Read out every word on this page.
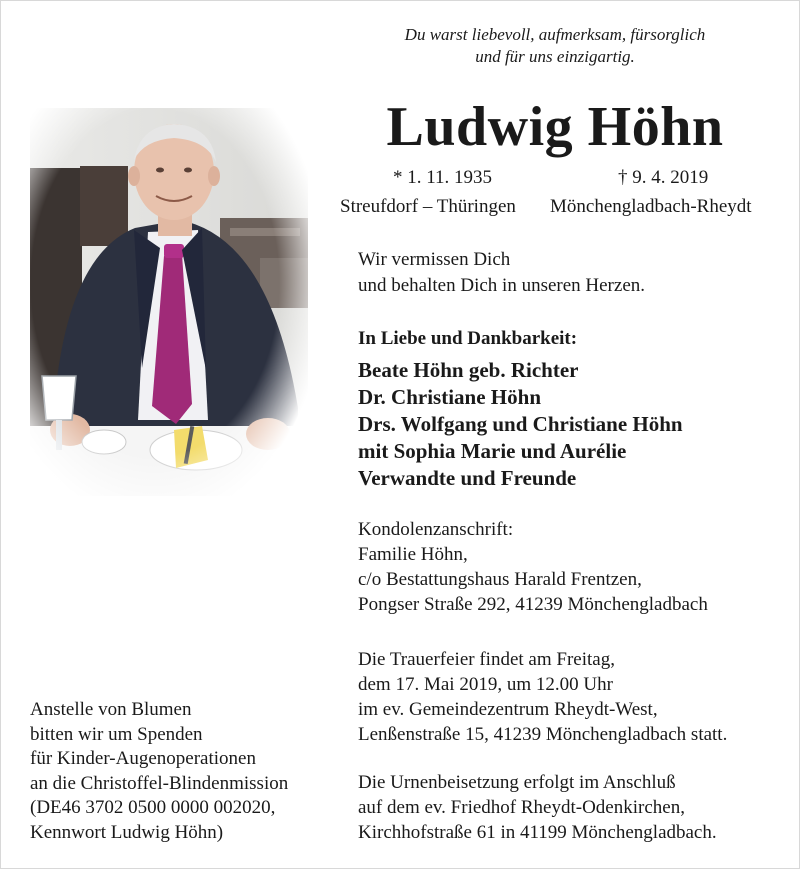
Du warst liebevoll, aufmerksam, fürsorglich
und für uns einzigartig.
Ludwig Höhn
* 1. 11. 1935	† 9. 4. 2019
Streufdorf – Thüringen Mönchengladbach-Rheydt
Wir vermissen Dich
und behalten Dich in unseren Herzen.
In Liebe und Dankbarkeit:
Beate Höhn geb. Richter
Dr. Christiane Höhn
Drs. Wolfgang und Christiane Höhn
mit Sophia Marie und Aurélie
Verwandte und Freunde
Kondolenzanschrift:
Familie Höhn,
c/o Bestattungshaus Harald Frentzen,
Pongser Straße 292, 41239 Mönchengladbach
Die Trauerfeier findet am Freitag,
dem 17. Mai 2019, um 12.00 Uhr
im ev. Gemeindezentrum Rheydt-West,
Lenßenstraße 15, 41239 Mönchengladbach statt.
Die Urnenbeisetzung erfolgt im Anschluß
auf dem ev. Friedhof Rheydt-Odenkirchen,
Kirchhofstraße 61 in 41199 Mönchengladbach.
Anstelle von Blumen
bitten wir um Spenden
für Kinder-Augenoperationen
an die Christoffel-Blindenmission
(DE46 3702 0500 0000 002020,
Kennwort Ludwig Höhn)
